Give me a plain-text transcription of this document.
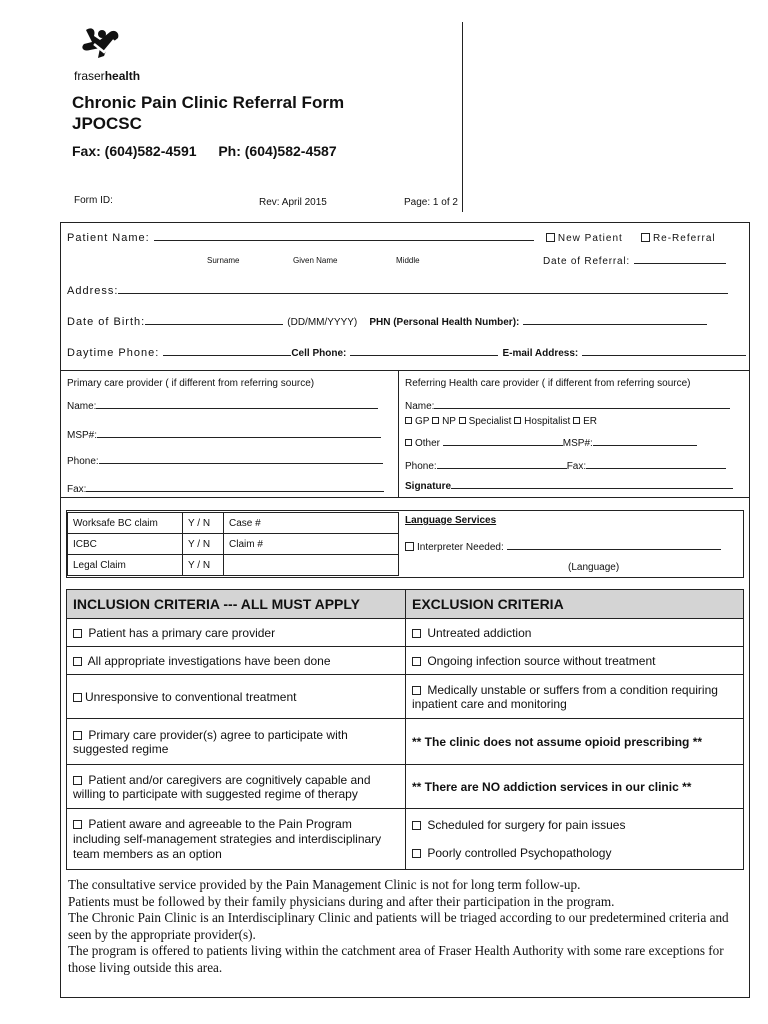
fraserhealth
Chronic Pain Clinic Referral Form
JPOCSC
Fax: (604)582-4591 Ph: (604)582-4587
Form ID:	Rev: April 2015	Page: 1 of 2
Patient Name:	New Patient	Re-Referral
Surname	Given Name	Middle	Date of Referral:
Address:
Date of Birth:	(DD/MM/YYYY) PHN (Personal Health Number):
Daytime Phone:	Cell Phone:	E-mail Address:
Primary care provider ( if different from referring source)
Name:
MSP#:
Phone:
Fax:
Referring Health care provider ( if different from referring source)
Name:
GP NP Specialist Hospitalist ER
Other	MSP#:
Phone:	Fax:
Signature
Worksafe BC claim	Y / N	Case #
ICBC	Y / N	Claim #
Legal Claim	Y / N	
Language Services
Interpreter Needed:
(Language)
INCLUSION CRITERIA --- ALL MUST APPLY	EXCLUSION CRITERIA
Patient has a primary care provider	Untreated addiction
All appropriate investigations have been done	Ongoing infection source without treatment
Unresponsive to conventional treatment	Medically unstable or suffers from a condition requiring inpatient care and monitoring
Primary care provider(s) agree to participate with suggested regime	** The clinic does not assume opioid prescribing **
Patient and/or caregivers are cognitively capable and willing to participate with suggested regime of therapy	** There are NO addiction services in our clinic **
Patient aware and agreeable to the Pain Program including self-management strategies and interdisciplinary team members as an option	Scheduled for surgery for pain issues
Poorly controlled Psychopathology
The consultative service provided by the Pain Management Clinic is not for long term follow-up.
Patients must be followed by their family physicians during and after their participation in the program.
The Chronic Pain Clinic is an Interdisciplinary Clinic and patients will be triaged according to our predetermined criteria and seen by the appropriate provider(s).
The program is offered to patients living within the catchment area of Fraser Health Authority with some rare exceptions for those living outside this area.
